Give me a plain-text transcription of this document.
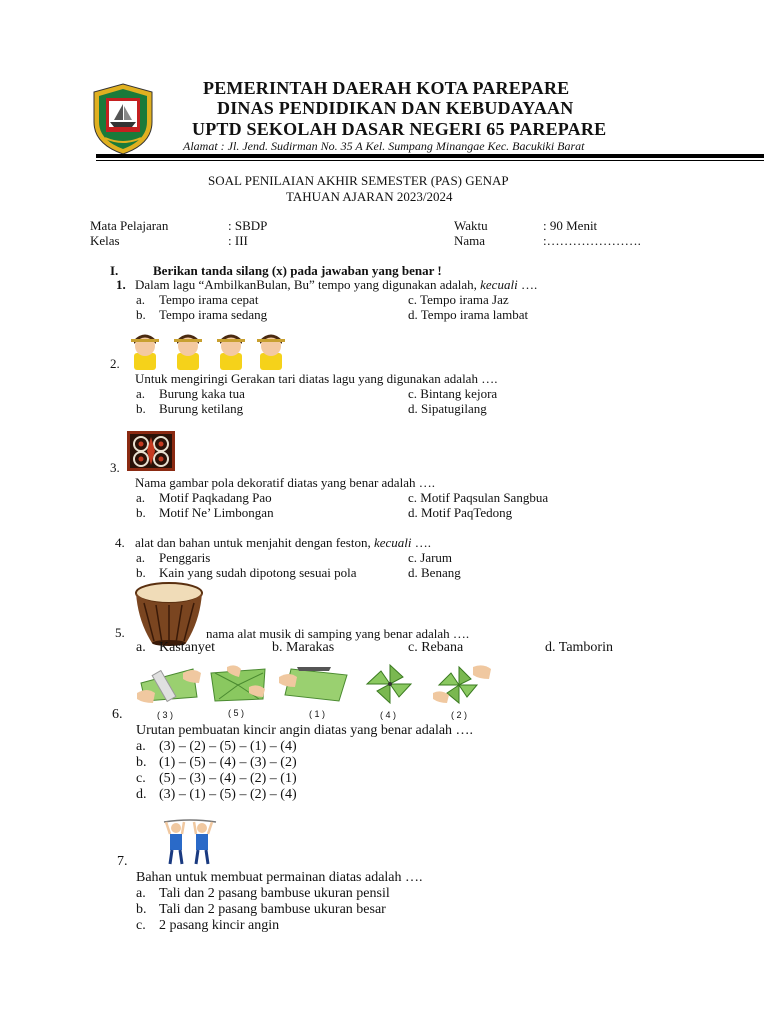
PEMERINTAH DAERAH KOTA PAREPARE
DINAS PENDIDIKAN DAN KEBUDAYAAN
UPTD SEKOLAH DASAR NEGERI 65 PAREPARE
Alamat : Jl. Jend. Sudirman No. 35 A Kel. Sumpang Minangae Kec. Bacukiki Barat
SOAL PENILAIAN AKHIR SEMESTER (PAS) GENAP
TAHUAN AJARAN 2023/2024
Mata Pelajaran	: SBDP	Waktu	: 90 Menit
Kelas	: III	Nama	:………………….
I.	Berikan tanda silang (x) pada jawaban yang benar !
1. Dalam lagu “AmbilkanBulan, Bu” tempo yang digunakan adalah, kecuali ….
a. Tempo irama cepat	c. Tempo irama Jaz
b. Tempo irama sedang	d. Tempo irama lambat
2.
Untuk mengiringi Gerakan tari diatas lagu yang digunakan adalah ….
a. Burung kaka tua	c. Bintang kejora
b. Burung ketilang	d. Sipatugilang
3.
Nama gambar pola dekoratif diatas yang benar adalah ….
a. Motif Paqkadang Pao	c. Motif Paqsulan Sangbua
b. Motif Ne’ Limbongan	d. Motif PaqTedong
4. alat dan bahan untuk menjahit dengan feston, kecuali ….
a. Penggaris	c. Jarum
b. Kain yang sudah dipotong sesuai pola	d. Benang
5.	nama alat musik di samping yang benar adalah ….
a. Kastanyet	b. Marakas	c. Rebana	d. Tamborin
( 3 )	( 5 )	( 1 )	( 4 )	( 2 )
6.
Urutan pembuatan kincir angin diatas yang benar adalah ….
a. (3) – (2) – (5) – (1) – (4)
b. (1) – (5) – (4) – (3) – (2)
c. (5) – (3) – (4) – (2) – (1)
d. (3) – (1) – (5) – (2) – (4)
7.
Bahan untuk membuat permainan diatas adalah ….
a. Tali dan 2 pasang bambuse ukuran pensil
b. Tali dan 2 pasang bambuse ukuran besar
c. 2 pasang kincir angin
